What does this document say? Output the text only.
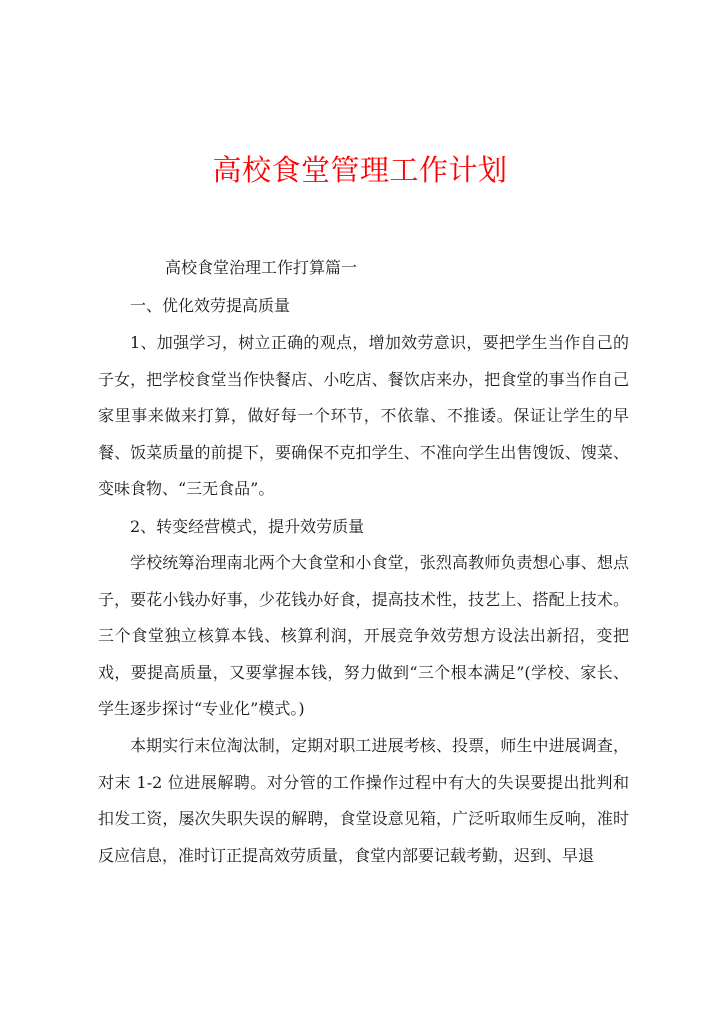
高校食堂管理工作计划
高校食堂治理工作打算篇一
一、优化效劳提高质量
1、加强学习，树立正确的观点，增加效劳意识，要把学生当作自己的子女，把学校食堂当作快餐店、小吃店、餐饮店来办，把食堂的事当作自己家里事来做来打算，做好每一个环节，不依靠、不推诿。保证让学生的早餐、饭菜质量的前提下，要确保不克扣学生、不准向学生出售馊饭、馊菜、变味食物、“三无食品”。
2、转变经营模式，提升效劳质量
学校统筹治理南北两个大食堂和小食堂，张烈高教师负责想心事、想点子，要花小钱办好事，少花钱办好食，提高技术性，技艺上、搭配上技术。三个食堂独立核算本钱、核算利润，开展竞争效劳想方设法出新招，变把戏，要提高质量，又要掌握本钱，努力做到“三个根本满足”(学校、家长、学生逐步探讨“专业化”模式。)
本期实行末位淘汰制，定期对职工进展考核、投票，师生中进展调查，对末 1-2 位进展解聘。对分管的工作操作过程中有大的失误要提出批判和扣发工资，屡次失职失误的解聘，食堂设意见箱，广泛听取师生反响，准时反应信息，准时订正提高效劳质量，食堂内部要记载考勤，迟到、早退
